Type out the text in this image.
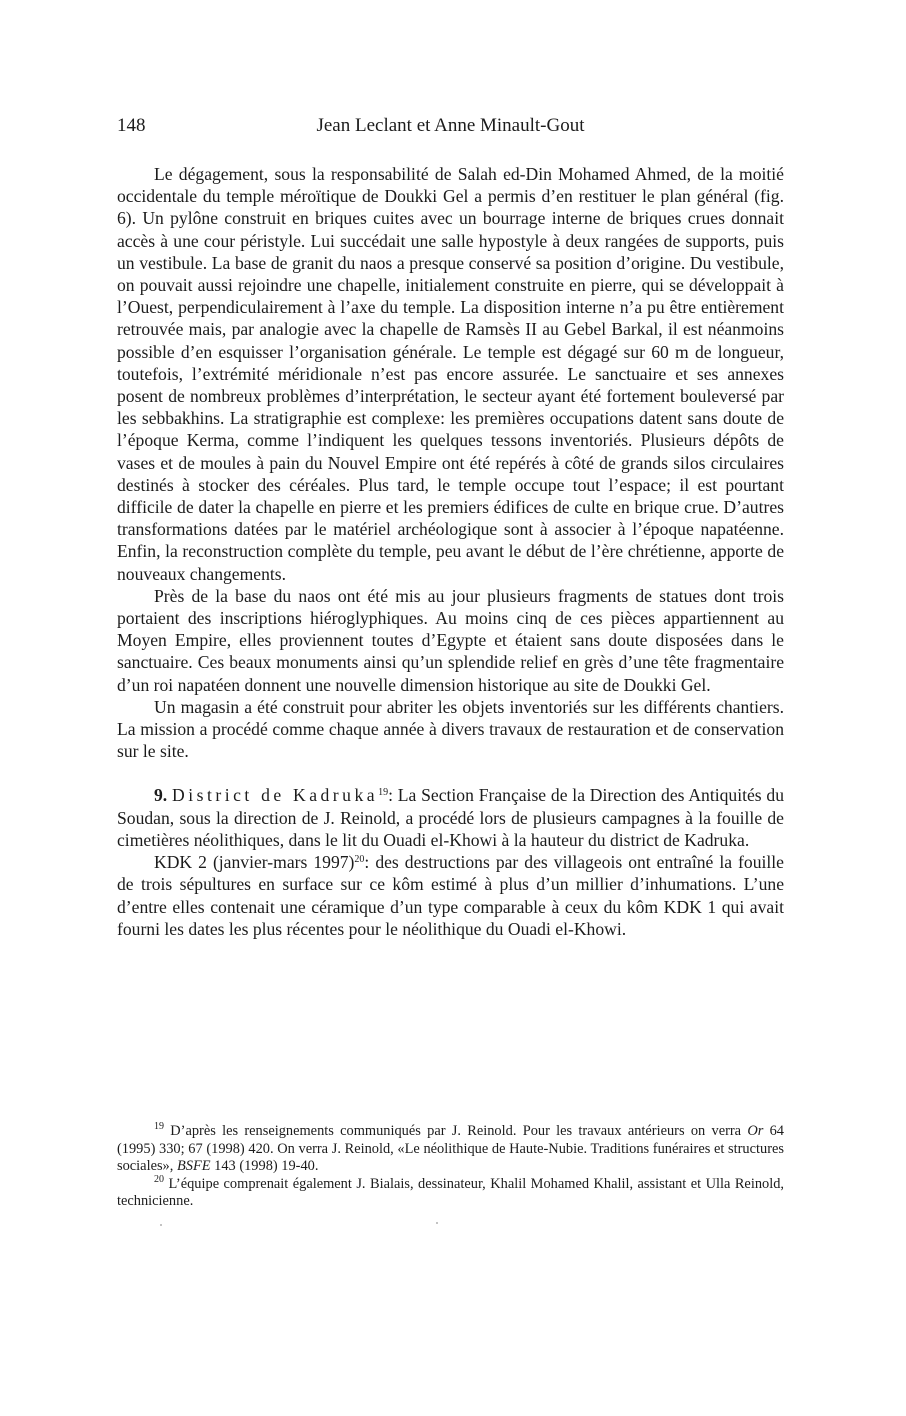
148	Jean Leclant et Anne Minault-Gout

Le dégagement, sous la responsabilité de Salah ed-Din Mohamed Ahmed, de la moitié occidentale du temple méroïtique de Doukki Gel a permis d’en restituer le plan général (fig. 6). Un pylône construit en briques cuites avec un bourrage interne de briques crues donnait accès à une cour péristyle. Lui succédait une salle hypostyle à deux rangées de supports, puis un vestibule. La base de granit du naos a presque conservé sa position d’origine. Du vestibule, on pouvait aussi rejoindre une chapelle, initialement construite en pierre, qui se développait à l’Ouest, perpendiculairement à l’axe du temple. La disposition interne n’a pu être entièrement retrouvée mais, par analogie avec la chapelle de Ramsès II au Gebel Barkal, il est néanmoins possible d’en esquisser l’organisation générale. Le temple est dégagé sur 60 m de longueur, toutefois, l’extrémité méridionale n’est pas encore assurée. Le sanctuaire et ses annexes posent de nombreux problèmes d’interprétation, le secteur ayant été fortement bouleversé par les sebbakhins. La stratigraphie est complexe: les premières occupations datent sans doute de l’époque Kerma, comme l’indiquent les quelques tessons inventoriés. Plusieurs dépôts de vases et de moules à pain du Nouvel Empire ont été repérés à côté de grands silos circulaires destinés à stocker des céréales. Plus tard, le temple occupe tout l’espace; il est pourtant difficile de dater la chapelle en pierre et les premiers édifices de culte en brique crue. D’autres transformations datées par le matériel archéologique sont à associer à l’époque napatéenne. Enfin, la reconstruction complète du temple, peu avant le début de l’ère chrétienne, apporte de nouveaux changements.

Près de la base du naos ont été mis au jour plusieurs fragments de statues dont trois portaient des inscriptions hiéroglyphiques. Au moins cinq de ces pièces appartiennent au Moyen Empire, elles proviennent toutes d’Egypte et étaient sans doute disposées dans le sanctuaire. Ces beaux monuments ainsi qu’un splendide relief en grès d’une tête fragmentaire d’un roi napatéen donnent une nouvelle dimension historique au site de Doukki Gel.

Un magasin a été construit pour abriter les objets inventoriés sur les différents chantiers. La mission a procédé comme chaque année à divers travaux de restauration et de conservation sur le site.

9. District de Kadruka$^{19}$: La Section Française de la Direction des Antiquités du Soudan, sous la direction de J. Reinold, a procédé lors de plusieurs campagnes à la fouille de cimetières néolithiques, dans le lit du Ouadi el-Khowi à la hauteur du district de Kadruka.

KDK 2 (janvier-mars 1997)$^{20}$: des destructions par des villageois ont entraîné la fouille de trois sépultures en surface sur ce kôm estimé à plus d’un millier d’inhumations. L’une d’entre elles contenait une céramique d’un type comparable à ceux du kôm KDK 1 qui avait fourni les dates les plus récentes pour le néolithique du Ouadi el-Khowi.

$^{19}$ D’après les renseignements communiqués par J. Reinold. Pour les travaux antérieurs on verra Or 64 (1995) 330; 67 (1998) 420. On verra J. Reinold, «Le néolithique de Haute-Nubie. Traditions funéraires et structures sociales», BSFE 143 (1998) 19-40.

$^{20}$ L’équipe comprenait également J. Bialais, dessinateur, Khalil Mohamed Khalil, assistant et Ulla Reinold, technicienne.
